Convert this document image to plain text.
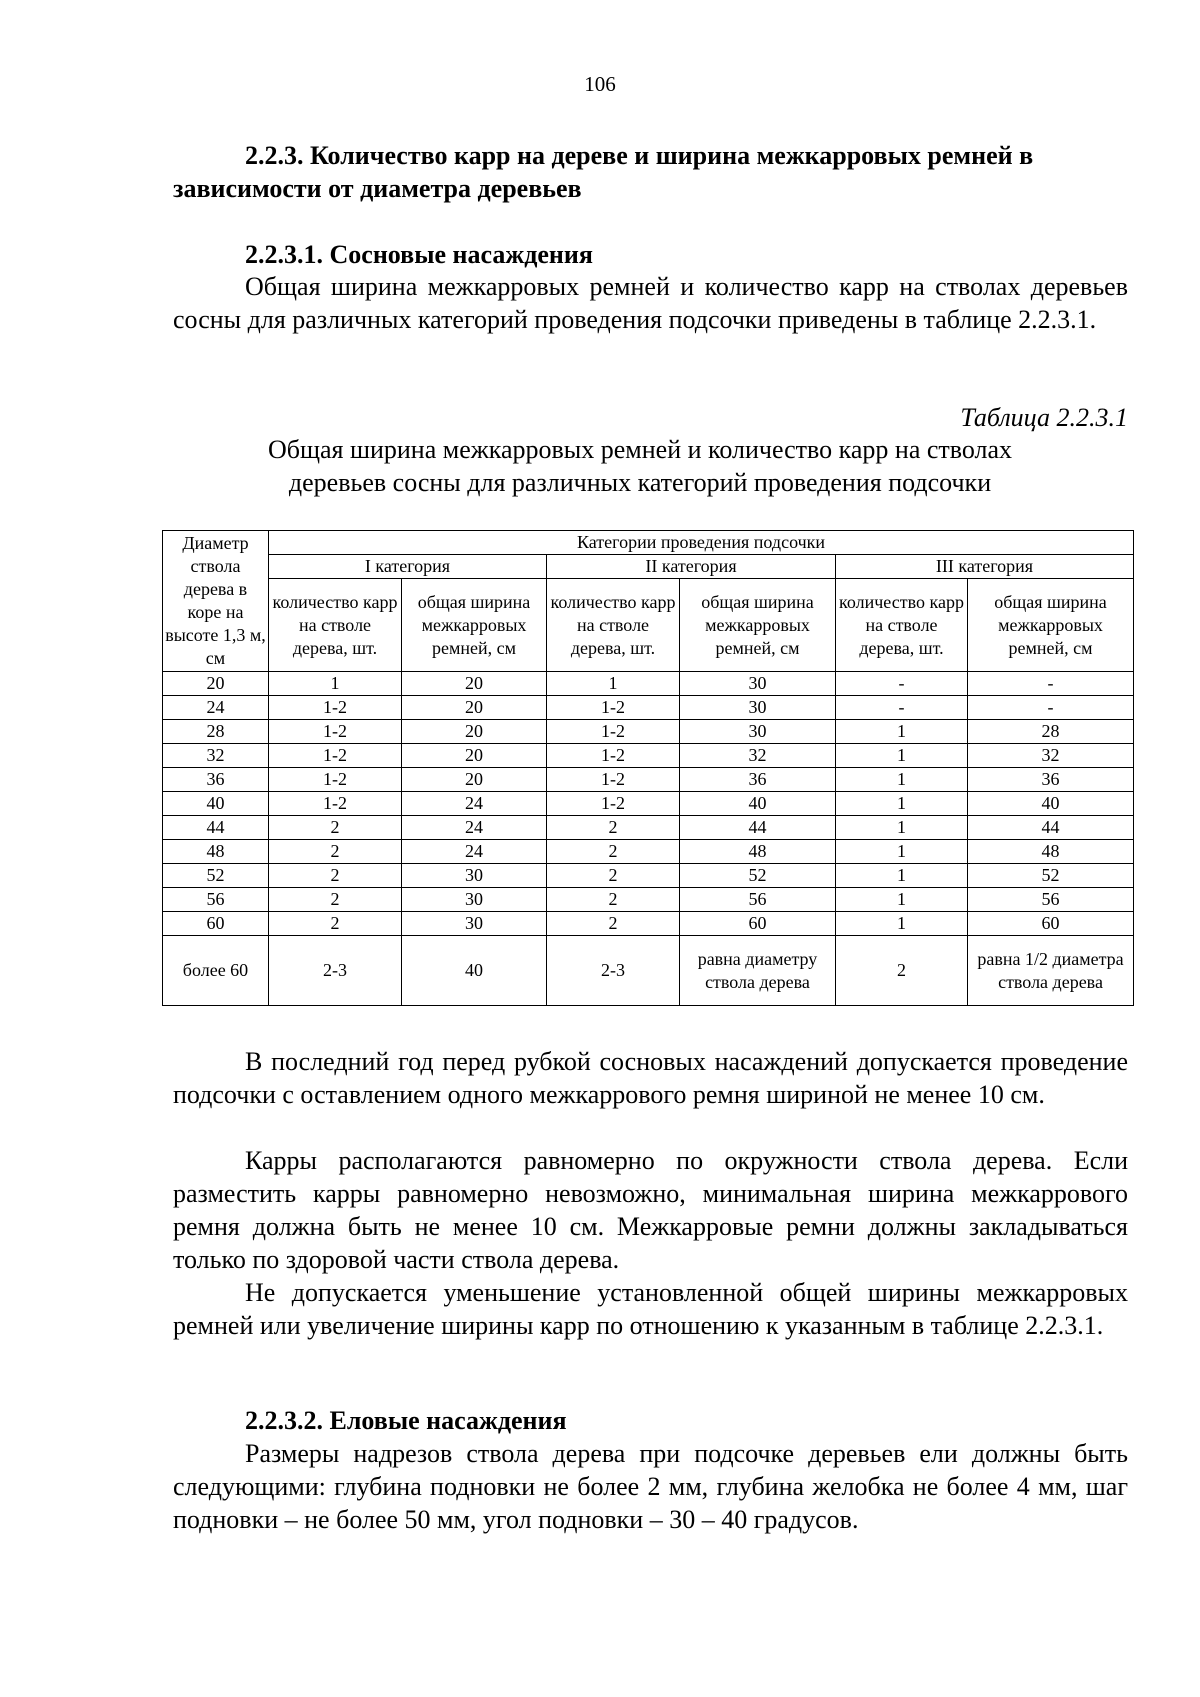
106
2.2.3. Количество карр на дереве и ширина межкарровых ремней в зависимости от диаметра деревьев
2.2.3.1. Сосновые насаждения
Общая ширина межкарровых ремней и количество карр на стволах деревьев сосны для различных категорий проведения подсочки приведены в таблице 2.2.3.1.
Таблица 2.2.3.1
Общая ширина межкарровых ремней и количество карр на стволах
деревьев сосны для различных категорий проведения подсочки
Диаметр ствола дерева в коре на высоте 1,3 м, см	Категории проведения подсочки					
	I категория		II категория		III категория	
	количество карр на стволе дерева, шт.	общая ширина межкарровых ремней, см	количество карр на стволе дерева, шт.	общая ширина межкарровых ремней, см	количество карр на стволе дерева, шт.	общая ширина межкарровых ремней, см
20	1	20	1	30	-	-
24	1-2	20	1-2	30	-	-
28	1-2	20	1-2	30	1	28
32	1-2	20	1-2	32	1	32
36	1-2	20	1-2	36	1	36
40	1-2	24	1-2	40	1	40
44	2	24	2	44	1	44
48	2	24	2	48	1	48
52	2	30	2	52	1	52
56	2	30	2	56	1	56
60	2	30	2	60	1	60
более 60	2-3	40	2-3	равна диаметру ствола дерева	2	равна 1/2 диаметра ствола дерева
В последний год перед рубкой сосновых насаждений допускается проведение подсочки с оставлением одного межкаррового ремня шириной не менее 10 см.
Карры располагаются равномерно по окружности ствола дерева. Если разместить карры равномерно невозможно, минимальная ширина межкаррового ремня должна быть не менее 10 см. Межкарровые ремни должны закладываться только по здоровой части ствола дерева.
Не допускается уменьшение установленной общей ширины межкарровых ремней или увеличение ширины карр по отношению к указанным в таблице 2.2.3.1.
2.2.3.2. Еловые насаждения
Размеры надрезов ствола дерева при подсочке деревьев ели должны быть следующими: глубина подновки не более 2 мм, глубина желобка не более 4 мм, шаг подновки – не более 50 мм, угол подновки – 30 – 40 градусов.
